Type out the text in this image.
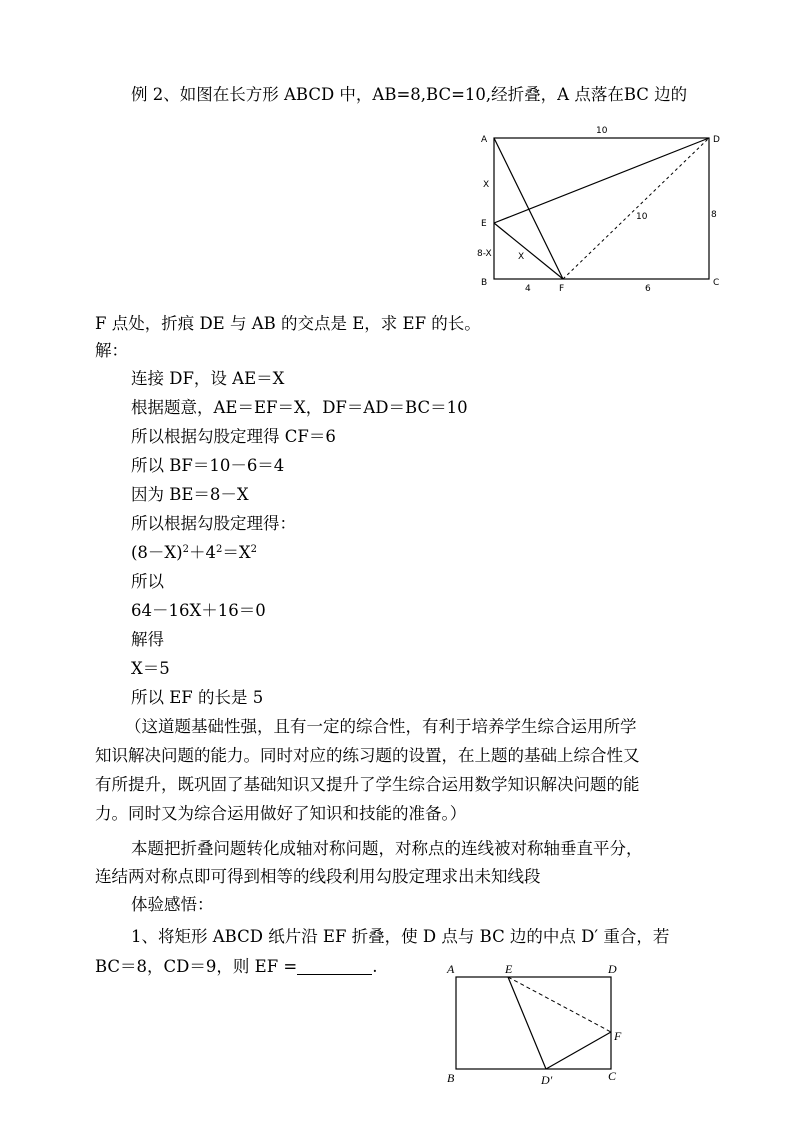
例 2、如图在长方形 ABCD 中，AB=8,BC=10,经折叠，A 点落在BC 边的
A	D
E
B	C
F
10
10	8
X
8-X	X
4	6
F 点处，折痕 DE 与 AB 的交点是 E，求 EF 的长。
解：
连接 DF，设 AE＝X
根据题意，AE＝EF＝X，DF＝AD＝BC＝10
所以根据勾股定理得 CF＝6
所以 BF＝10－6＝4
因为 BE＝8－X
所以根据勾股定理得：
$(8-X)^2+4^2=X^2$
所以
64－16X＋16＝0
解得
X＝5
所以 EF 的长是 5
（这道题基础性强，且有一定的综合性，有利于培养学生综合运用所学
知识解决问题的能力。同时对应的练习题的设置，在上题的基础上综合性又
有所提升，既巩固了基础知识又提升了学生综合运用数学知识解决问题的能
力。同时又为综合运用做好了知识和技能的准备。）
本题把折叠问题转化成轴对称问题，对称点的连线被对称轴垂直平分，
连结两对称点即可得到相等的线段利用勾股定理求出未知线段
体验感悟：
1、将矩形 ABCD 纸片沿 EF 折叠，使 D 点与 BC 边的中点 D′ 重合，若
BC＝8，CD＝9，则 EF =	.	A	E	D
F
B	D′	C
